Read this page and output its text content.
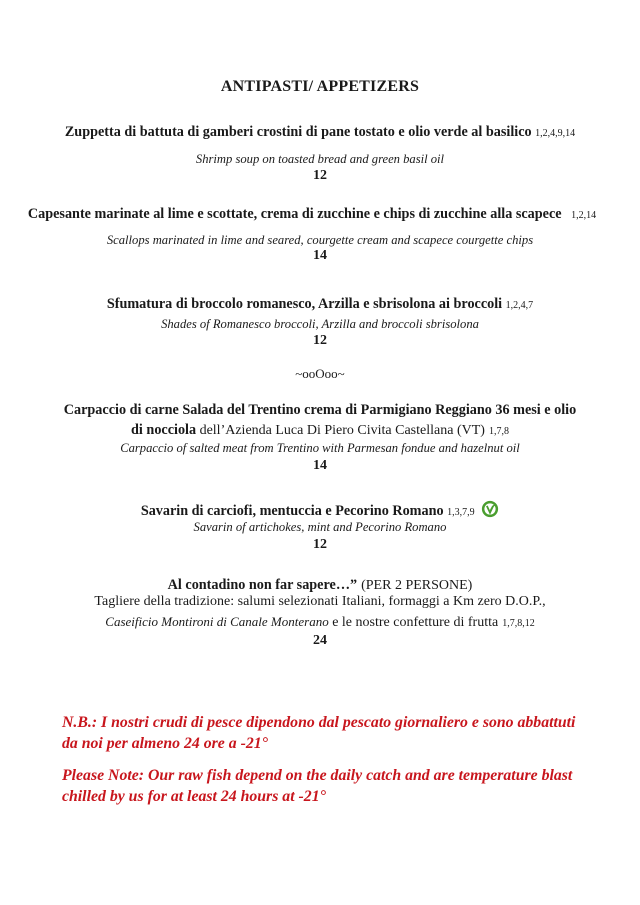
ANTIPASTI/ APPETIZERS
Zuppetta di battuta di gamberi crostini di pane tostato e olio verde al basilico 1,2,4,9,14
Shrimp soup on toasted bread and green basil oil
12
Capesante marinate al lime e scottate, crema di zucchine e chips di zucchine alla scapece 1,2,14
Scallops marinated in lime and seared, courgette cream and scapece courgette chips
14
Sfumatura di broccolo romanesco, Arzilla e sbrisolona ai broccoli 1,2,4,7
Shades of Romanesco broccoli, Arzilla and broccoli sbrisolona
12
~ooOoo~
Carpaccio di carne Salada del Trentino crema di Parmigiano Reggiano 36 mesi e olio
di nocciola dell’Azienda Luca Di Piero Civita Castellana (VT) 1,7,8
Carpaccio of salted meat from Trentino with Parmesan fondue and hazelnut oil
14
Savarin di carciofi, mentuccia e Pecorino Romano 1,3,7,9
Savarin of artichokes, mint and Pecorino Romano
12
Al contadino non far sapere…” (PER 2 PERSONE)
Tagliere della tradizione: salumi selezionati Italiani, formaggi a Km zero D.O.P.,
Caseificio Montironi di Canale Monterano e le nostre confetture di frutta 1,7,8,12
24
N.B.: I nostri crudi di pesce dipendono dal pescato giornaliero e sono abbattuti da noi per almeno 24 ore a -21°
Please Note: Our raw fish depend on the daily catch and are temperature blast chilled by us for at least 24 hours at -21°
